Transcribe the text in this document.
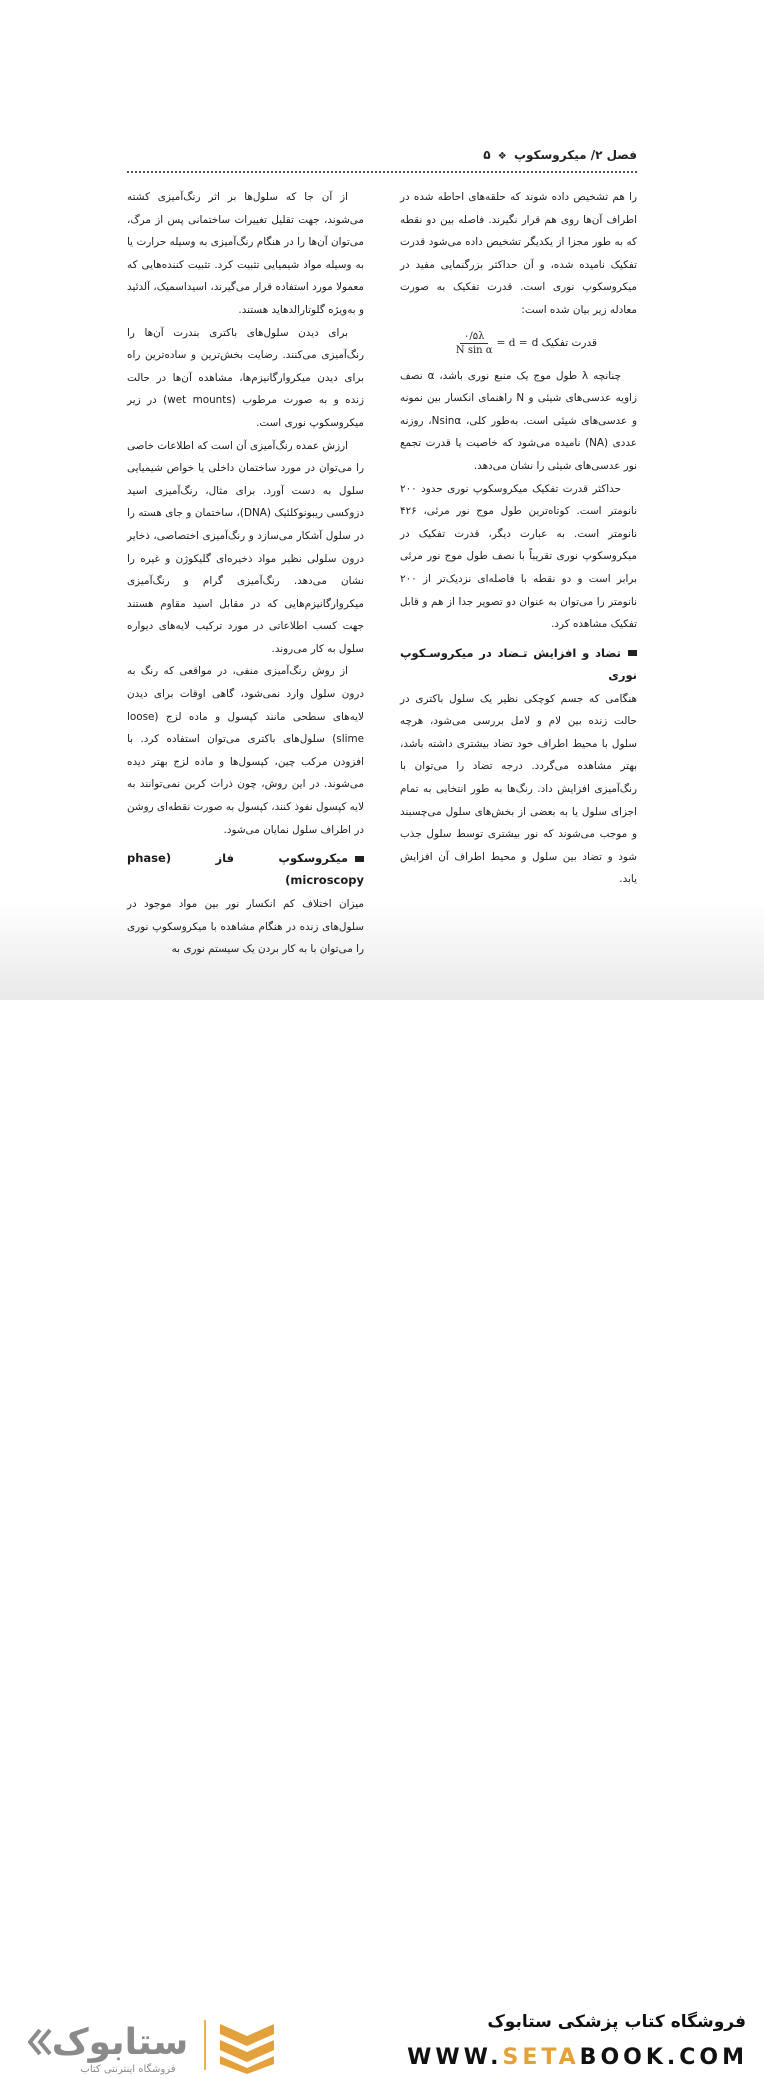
فصل ۲/ میکروسکوپ ❖ ۵

را هم تشخیص داده شوند که حلقه‌های احاطه شده در اطراف آن‌ها روی هم قرار نگیرند. فاصله بین دو نقطه که به طور مجزا از یکدیگر تشخیص داده می‌شود قدرت تفکیک نامیده شده، و آن حداکثر بزرگنمایی مفید در میکروسکوپ نوری است. قدرت تفکیک به صورت معادله زیر بیان شده است:

قدرت تفکیک d
= d =
$\frac{۰/۵\lambda}{\text{N sin α}}$

چنانچه λ طول موج یک منبع نوری باشد، α نصف زاویه عدسی‌های شیئی و N راهنمای انکسار بین نمونه و عدسی‌های شیئی است. به‌طور کلی، Nsinα، روزنه عددی (NA) نامیده می‌شود که خاصیت یا قدرت تجمع نور عدسی‌های شیئی را نشان می‌دهد.

حداکثر قدرت تفکیک میکروسکوپ نوری حدود ۲۰۰ نانومتر است. کوتاه‌ترین طول موج نور مرئی، ۴۲۶ نانومتر است. به عبارت دیگر، قدرت تفکیک در میکروسکوپ نوری تقریباً با نصف طول موج نور مرئی برابر است و دو نقطه با فاصله‌ای نزدیک‌تر از ۲۰۰ نانومتر را می‌توان به عنوان دو تصویر جدا از هم و قابل تفکیک مشاهده کرد.

تضاد و افزایش تـضاد در میکروسـکوپ نوری

هنگامی که جسم کوچکی نظیر یک سلول باکتری در حالت زنده بین لام و لامل بررسی می‌شود، هرچه سلول با محیط اطراف خود تضاد بیشتری داشته باشد، بهتر مشاهده می‌گردد. درجه تضاد را می‌توان با رنگ‌آمیزی افزایش داد. رنگ‌ها به طور انتخابی به تمام اجزای سلول یا به بعضی از بخش‌های سلول می‌چسبند و موجب می‌شوند که نور بیشتری توسط سلول جذب شود و تضاد بین سلول و محیط اطراف آن افزایش یابد.

از آن جا که سلول‌ها بر اثر رنگ‌آمیزی کشته می‌شوند، جهت تقلیل تغییرات ساختمانی پس از مرگ، می‌توان آن‌ها را در هنگام رنگ‌آمیزی به وسیله حرارت یا به وسیله مواد شیمیایی تثبیت کرد. تثبیت کننده‌هایی که معمولا مورد استفاده قرار می‌گیرند، اسیداسمیک، آلدئید و به‌ویژه گلوتارالدهاید هستند.

برای دیدن سلول‌های باکتری بندرت آن‌ها را رنگ‌آمیزی می‌کنند. رضایت بخش‌ترین و ساده‌ترین راه برای دیدن میکروارگانیزم‌ها، مشاهده آن‌ها در حالت زنده و به صورت مرطوب (wet mounts) در زیر میکروسکوپ نوری است.

ارزش عمده رنگ‌آمیزی آن است که اطلاعات خاصی را می‌توان در مورد ساختمان داخلی یا خواص شیمیایی سلول به دست آورد. برای مثال، رنگ‌آمیزی اسید دزوکسی ریبونوکلئیک (DNA)، ساختمان و جای هسته را در سلول آشکار می‌سازد و رنگ‌آمیزی اختصاصی، ذخایر درون سلولی نظیر مواد ذخیره‌ای گلیکوژن و غیره را نشان می‌دهد. رنگ‌آمیزی گرام و رنگ‌آمیزی میکروارگانیزم‌هایی که در مقابل اسید مقاوم هستند جهت کسب اطلاعاتی در مورد ترکیب لایه‌های دیواره سلول به کار می‌روند.

از روش رنگ‌آمیزی منفی، در مواقعی که رنگ به درون سلول وارد نمی‌شود، گاهی اوقات برای دیدن لایه‌های سطحی مانند کپسول و ماده لزج (loose slime) سلول‌های باکتری می‌توان استفاده کرد. با افزودن مرکب چین، کپسول‌ها و ماده لزج بهتر دیده می‌شوند. در این روش، چون ذرات کربن نمی‌توانند به لایه کپسول نفوذ کنند، کپسول به صورت نقطه‌ای روشن در اطراف سلول نمایان می‌شود.

میکروسکوپ فاز (phase microscopy)

میزان اختلاف کم انکسار نور بین مواد موجود در سلول‌های زنده در هنگام مشاهده با میکروسکوپ نوری را می‌توان با به کار بردن یک سیستم نوری به

ستابوک
فروشگاه اینترنتی کتاب
فروشگاه کتاب پزشکی ستابوک
WWW.SETABOOK.COM
